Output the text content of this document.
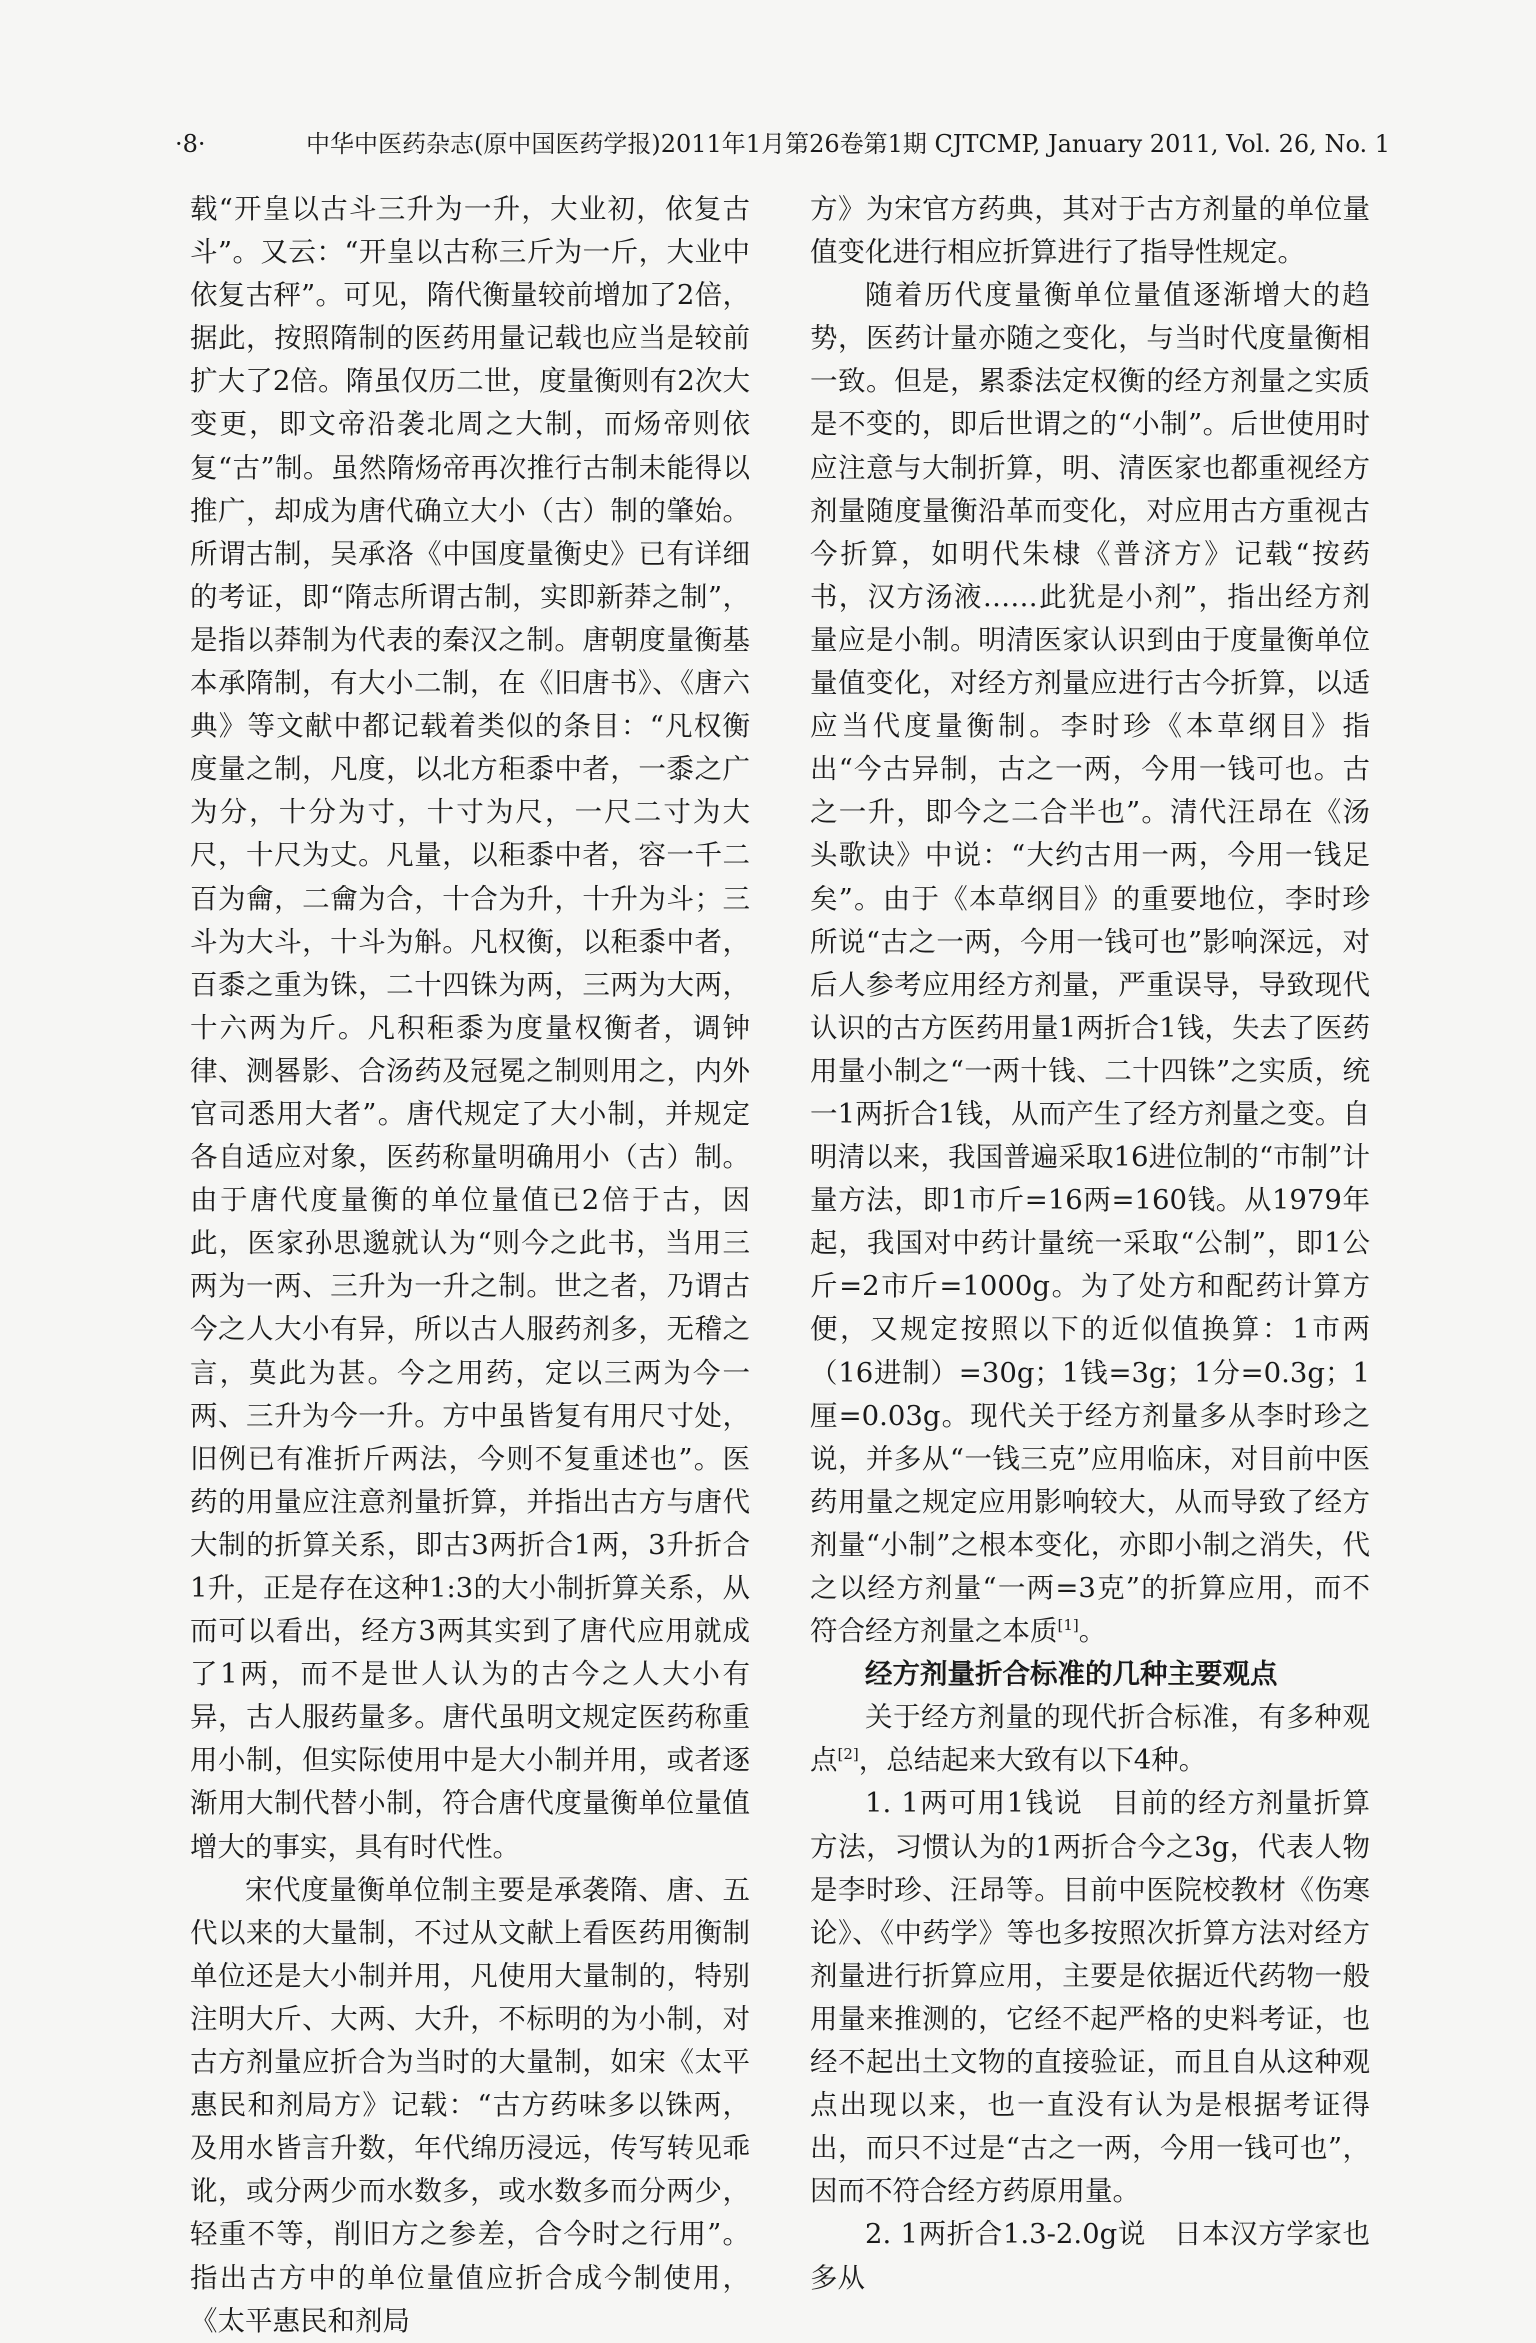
·8·	中华中医药杂志(原中国医药学报)2011年1月第26卷第1期 CJTCMP, January 2011, Vol. 26, No. 1

载“开皇以古斗三升为一升，大业初，依复古斗”。又云：“开皇以古称三斤为一斤，大业中依复古秤”。可见，隋代衡量较前增加了2倍，据此，按照隋制的医药用量记载也应当是较前扩大了2倍。隋虽仅历二世，度量衡则有2次大变更，即文帝沿袭北周之大制，而炀帝则依复“古”制。虽然隋炀帝再次推行古制未能得以推广，却成为唐代确立大小（古）制的肇始。所谓古制，吴承洛《中国度量衡史》已有详细的考证，即“隋志所谓古制，实即新莽之制”，是指以莽制为代表的秦汉之制。唐朝度量衡基本承隋制，有大小二制，在《旧唐书》、《唐六典》等文献中都记载着类似的条目：“凡权衡度量之制，凡度，以北方秬黍中者，一黍之广为分，十分为寸，十寸为尺，一尺二寸为大尺，十尺为丈。凡量，以秬黍中者，容一千二百为龠，二龠为合，十合为升，十升为斗；三斗为大斗，十斗为斛。凡权衡，以秬黍中者，百黍之重为铢，二十四铢为两，三两为大两，十六两为斤。凡积秬黍为度量权衡者，调钟律、测晷影、合汤药及冠冕之制则用之，内外官司悉用大者”。唐代规定了大小制，并规定各自适应对象，医药称量明确用小（古）制。由于唐代度量衡的单位量值已2倍于古，因此，医家孙思邈就认为“则今之此书，当用三两为一两、三升为一升之制。世之者，乃谓古今之人大小有异，所以古人服药剂多，无稽之言，莫此为甚。今之用药，定以三两为今一两、三升为今一升。方中虽皆复有用尺寸处，旧例已有准折斤两法，今则不复重述也”。医药的用量应注意剂量折算，并指出古方与唐代大制的折算关系，即古3两折合1两，3升折合1升，正是存在这种1:3的大小制折算关系，从而可以看出，经方3两其实到了唐代应用就成了1两，而不是世人认为的古今之人大小有异，古人服药量多。唐代虽明文规定医药称重用小制，但实际使用中是大小制并用，或者逐渐用大制代替小制，符合唐代度量衡单位量值增大的事实，具有时代性。

宋代度量衡单位制主要是承袭隋、唐、五代以来的大量制，不过从文献上看医药用衡制单位还是大小制并用，凡使用大量制的，特别注明大斤、大两、大升，不标明的为小制，对古方剂量应折合为当时的大量制，如宋《太平惠民和剂局方》记载：“古方药味多以铢两，及用水皆言升数，年代绵历浸远，传写转见乖讹，或分两少而水数多，或水数多而分两少，轻重不等，削旧方之参差，合今时之行用”。指出古方中的单位量值应折合成今制使用，《太平惠民和剂局

方》为宋官方药典，其对于古方剂量的单位量值变化进行相应折算进行了指导性规定。

随着历代度量衡单位量值逐渐增大的趋势，医药计量亦随之变化，与当时代度量衡相一致。但是，累黍法定权衡的经方剂量之实质是不变的，即后世谓之的“小制”。后世使用时应注意与大制折算，明、清医家也都重视经方剂量随度量衡沿革而变化，对应用古方重视古今折算，如明代朱棣《普济方》记载“按药书，汉方汤液……此犹是小剂”，指出经方剂量应是小制。明清医家认识到由于度量衡单位量值变化，对经方剂量应进行古今折算，以适应当代度量衡制。李时珍《本草纲目》指出“今古异制，古之一两，今用一钱可也。古之一升，即今之二合半也”。清代汪昂在《汤头歌诀》中说：“大约古用一两，今用一钱足矣”。由于《本草纲目》的重要地位，李时珍所说“古之一两，今用一钱可也”影响深远，对后人参考应用经方剂量，严重误导，导致现代认识的古方医药用量1两折合1钱，失去了医药用量小制之“一两十钱、二十四铢”之实质，统一1两折合1钱，从而产生了经方剂量之变。自明清以来，我国普遍采取16进位制的“市制”计量方法，即1市斤=16两=160钱。从1979年起，我国对中药计量统一采取“公制”，即1公斤=2市斤=1000g。为了处方和配药计算方便，又规定按照以下的近似值换算：1市两（16进制）=30g；1钱=3g；1分=0.3g；1厘=0.03g。现代关于经方剂量多从李时珍之说，并多从“一钱三克”应用临床，对目前中医药用量之规定应用影响较大，从而导致了经方剂量“小制”之根本变化，亦即小制之消失，代之以经方剂量“一两=3克”的折算应用，而不符合经方剂量之本质[1]。

经方剂量折合标准的几种主要观点

关于经方剂量的现代折合标准，有多种观点[2]，总结起来大致有以下4种。

1. 1两可用1钱说　目前的经方剂量折算方法，习惯认为的1两折合今之3g，代表人物是李时珍、汪昂等。目前中医院校教材《伤寒论》、《中药学》等也多按照次折算方法对经方剂量进行折算应用，主要是依据近代药物一般用量来推测的，它经不起严格的史料考证，也经不起出土文物的直接验证，而且自从这种观点出现以来，也一直没有认为是根据考证得出，而只不过是“古之一两，今用一钱可也”，因而不符合经方药原用量。

2. 1两折合1.3-2.0g说　日本汉方学家也多从
